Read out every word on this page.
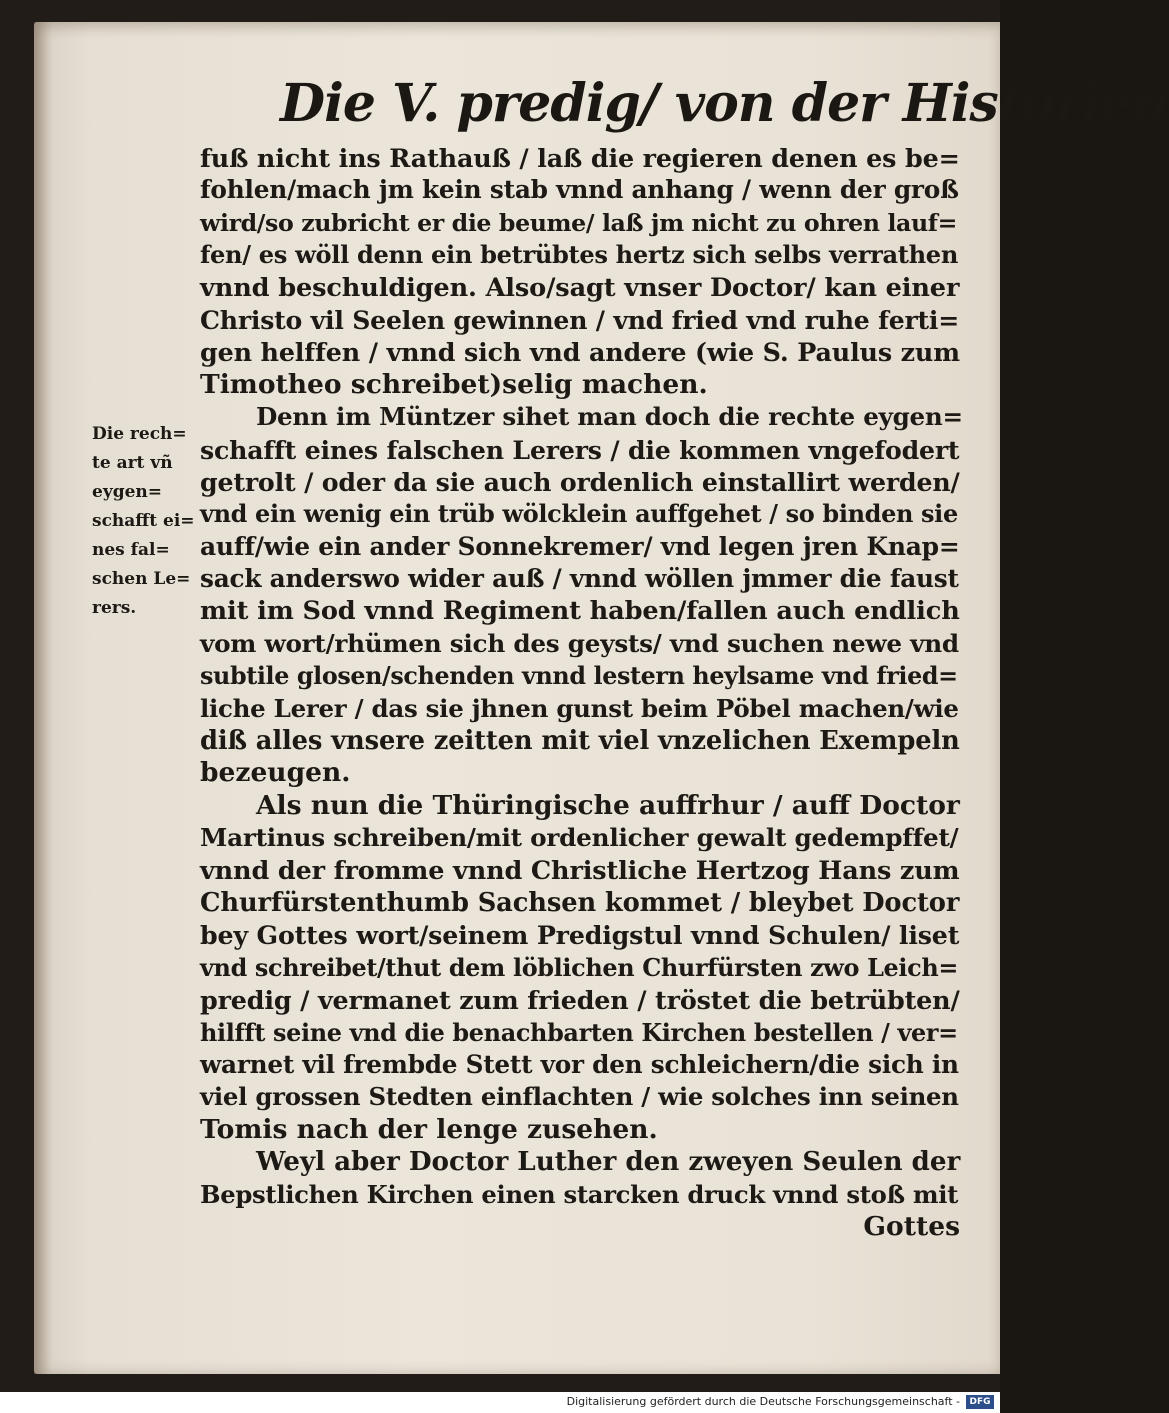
Die V. predig/ von der Historien
fuß nicht ins Rathauß / laß die regieren denen es be=
fohlen/mach jm kein stab vnnd anhang / wenn der groß
wird/so zubricht er die beume/ laß jm nicht zu ohren lauf=
fen/ es wöll denn ein betrübtes hertz sich selbs verrathen
vnnd beschuldigen. Also/sagt vnser Doctor/ kan einer
Christo vil Seelen gewinnen / vnd fried vnd ruhe ferti=
gen helffen / vnnd sich vnd andere (wie S. Paulus zum
Timotheo schreibet)selig machen.
Denn im Müntzer sihet man doch die rechte eygen=
schafft eines falschen Lerers / die kommen vngefodert
getrolt / oder da sie auch ordenlich einstallirt werden/
vnd ein wenig ein trüb wölcklein auffgehet / so binden sie
auff/wie ein ander Sonnekremer/ vnd legen jren Knap=
sack anderswo wider auß / vnnd wöllen jmmer die faust
mit im Sod vnnd Regiment haben/fallen auch endlich
vom wort/rhümen sich des geysts/ vnd suchen newe vnd
subtile glosen/schenden vnnd lestern heylsame vnd fried=
liche Lerer / das sie jhnen gunst beim Pöbel machen/wie
diß alles vnsere zeitten mit viel vnzelichen Exempeln
bezeugen.
Als nun die Thüringische auffrhur / auff Doctor
Martinus schreiben/mit ordenlicher gewalt gedempffet/
vnnd der fromme vnnd Christliche Hertzog Hans zum
Churfürstenthumb Sachsen kommet / bleybet Doctor
bey Gottes wort/seinem Predigstul vnnd Schulen/ liset
vnd schreibet/thut dem löblichen Churfürsten zwo Leich=
predig / vermanet zum frieden / tröstet die betrübten/
hilfft seine vnd die benachbarten Kirchen bestellen / ver=
warnet vil frembde Stett vor den schleichern/die sich in
viel grossen Stedten einflachten / wie solches inn seinen
Tomis nach der lenge zusehen.
Weyl aber Doctor Luther den zweyen Seulen der
Bepstlichen Kirchen einen starcken druck vnnd stoß mit
Gottes
Die rech=
te art vñ
eygen=
schafft ei=
nes fal=
schen Le=
rers.
Digitalisierung gefördert durch die Deutsche Forschungsgemeinschaft -	DFG
